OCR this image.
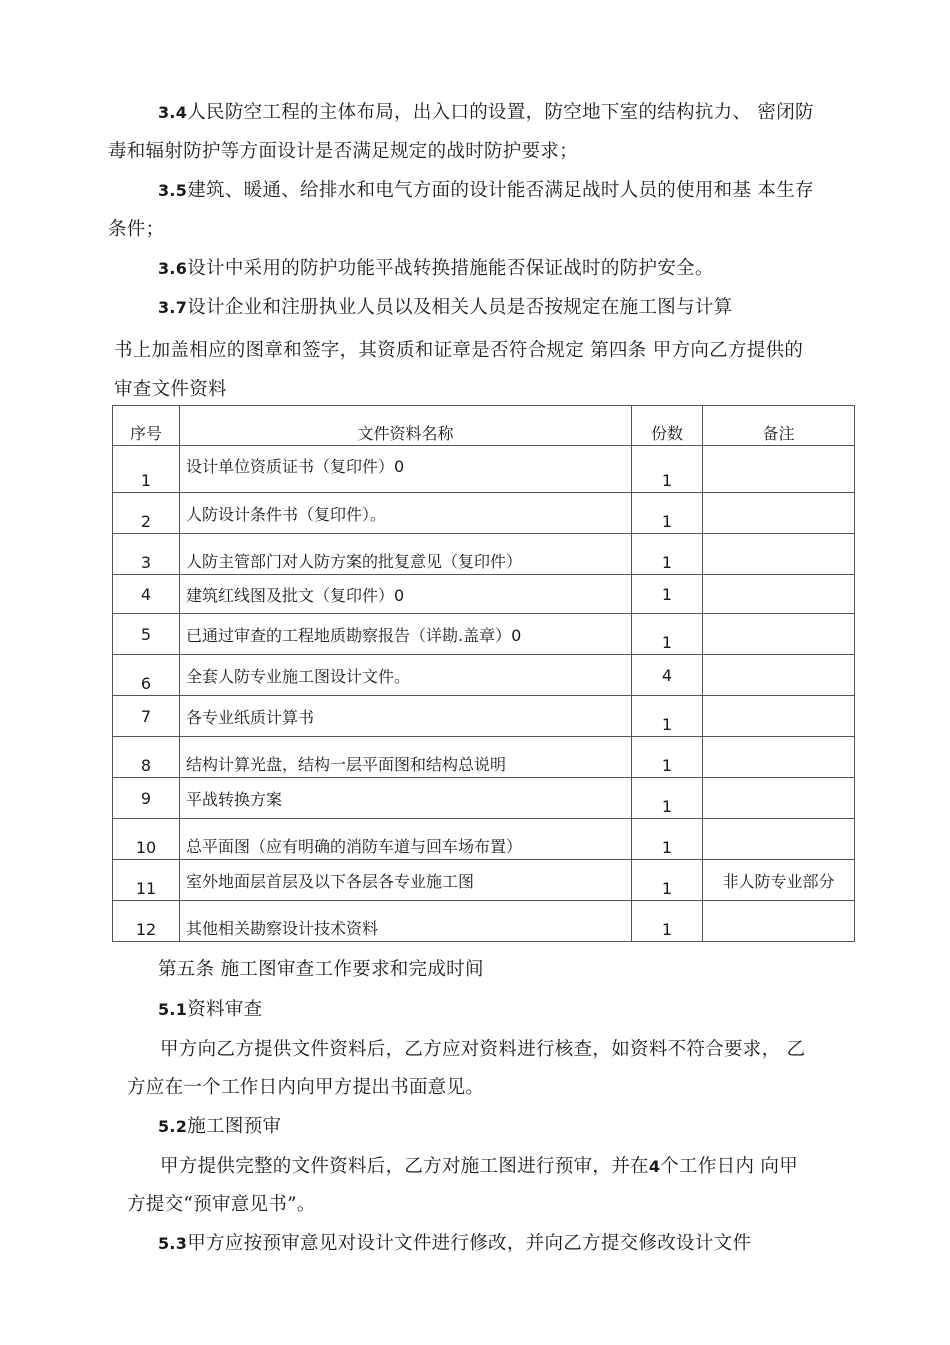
3.4人民防空工程的主体布局，出入口的设置，防空地下室的结构抗力、 密闭防
毒和辐射防护等方面设计是否满足规定的战时防护要求；
3.5建筑、暖通、给排水和电气方面的设计能否满足战时人员的使用和基 本生存
条件；
3.6设计中采用的防护功能平战转换措施能否保证战时的防护安全。
3.7设计企业和注册执业人员以及相关人员是否按规定在施工图与计算
书上加盖相应的图章和签字，其资质和证章是否符合规定 第四条 甲方向乙方提供的
审查文件资料
序号	文件资料名称	份数	备注
1	设计单位资质证书（复印件）0	1	
2	人防设计条件书（复印件）。	1	
3	人防主管部门对人防方案的批复意见（复印件）	1	
4	建筑红线图及批文（复印件）0	1	
5	已通过审查的工程地质勘察报告（详勘.盖章）0	1	
6	全套人防专业施工图设计文件。	4	
7	各专业纸质计算书	1	
8	结构计算光盘，结构一层平面图和结构总说明	1	
9	平战转换方案	1	
10	总平面图（应有明确的消防车道与回车场布置）	1	
11	室外地面层首层及以下各层各专业施工图	1	非人防专业部分
12	其他相关勘察设计技术资料	1	
第五条 施工图审查工作要求和完成时间
5.1资料审查
甲方向乙方提供文件资料后，乙方应对资料进行核查，如资料不符合要求， 乙
方应在一个工作日内向甲方提出书面意见。
5.2施工图预审
甲方提供完整的文件资料后，乙方对施工图进行预审，并在4个工作日内 向甲
方提交“预审意见书”。
5.3甲方应按预审意见对设计文件进行修改，并向乙方提交修改设计文件
